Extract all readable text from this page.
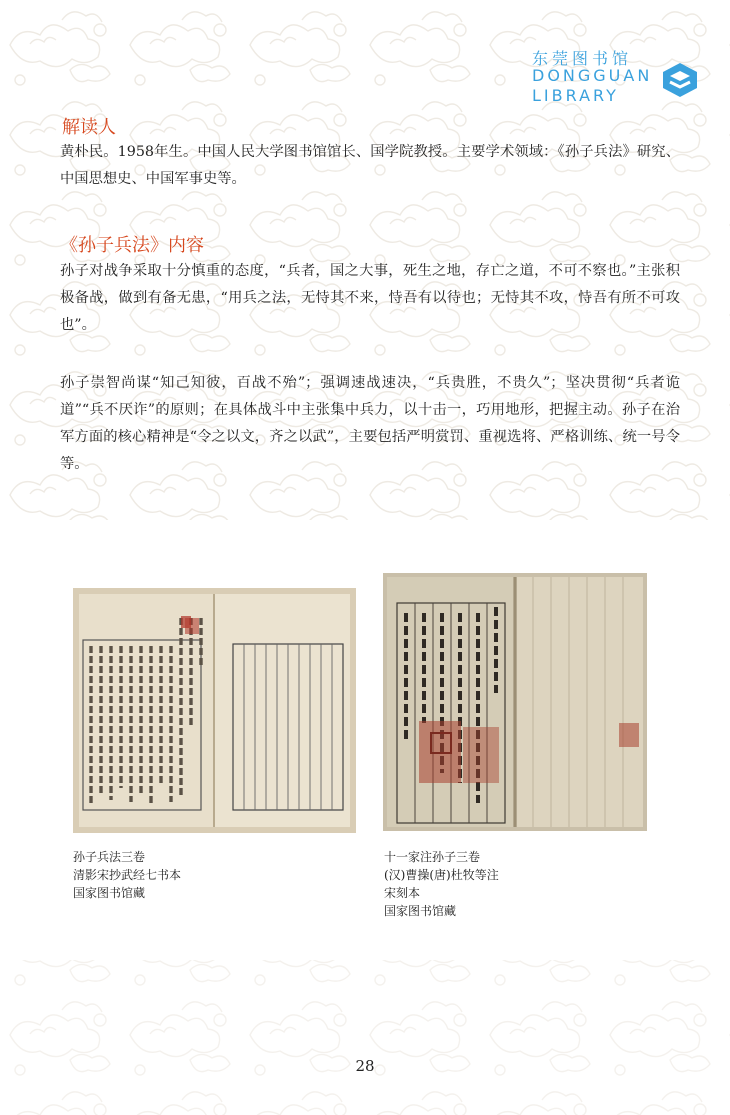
东莞图书馆
DONGGUAN
LIBRARY
解读人
黄朴民。1958年生。中国人民大学图书馆馆长、国学院教授。主要学术领域：《孙子兵法》研究、中国思想史、中国军事史等。
《孙子兵法》内容
孙子对战争采取十分慎重的态度，“兵者，国之大事，死生之地，存亡之道，不可不察也。”主张积极备战，做到有备无患，“用兵之法，无恃其不来，恃吾有以待也；无恃其不攻，恃吾有所不可攻也”。
孙子崇智尚谋“知己知彼，百战不殆”；强调速战速决，“兵贵胜，不贵久”；坚决贯彻“兵者诡道”“兵不厌诈”的原则；在具体战斗中主张集中兵力，以十击一，巧用地形，把握主动。孙子在治军方面的核心精神是“令之以文，齐之以武”，主要包括严明赏罚、重视选将、严格训练、统一号令等。
孙子兵法三卷
清影宋抄武经七书本
国家图书馆藏
十一家注孙子三卷
(汉)曹操(唐)杜牧等注
宋刻本
国家图书馆藏
28
